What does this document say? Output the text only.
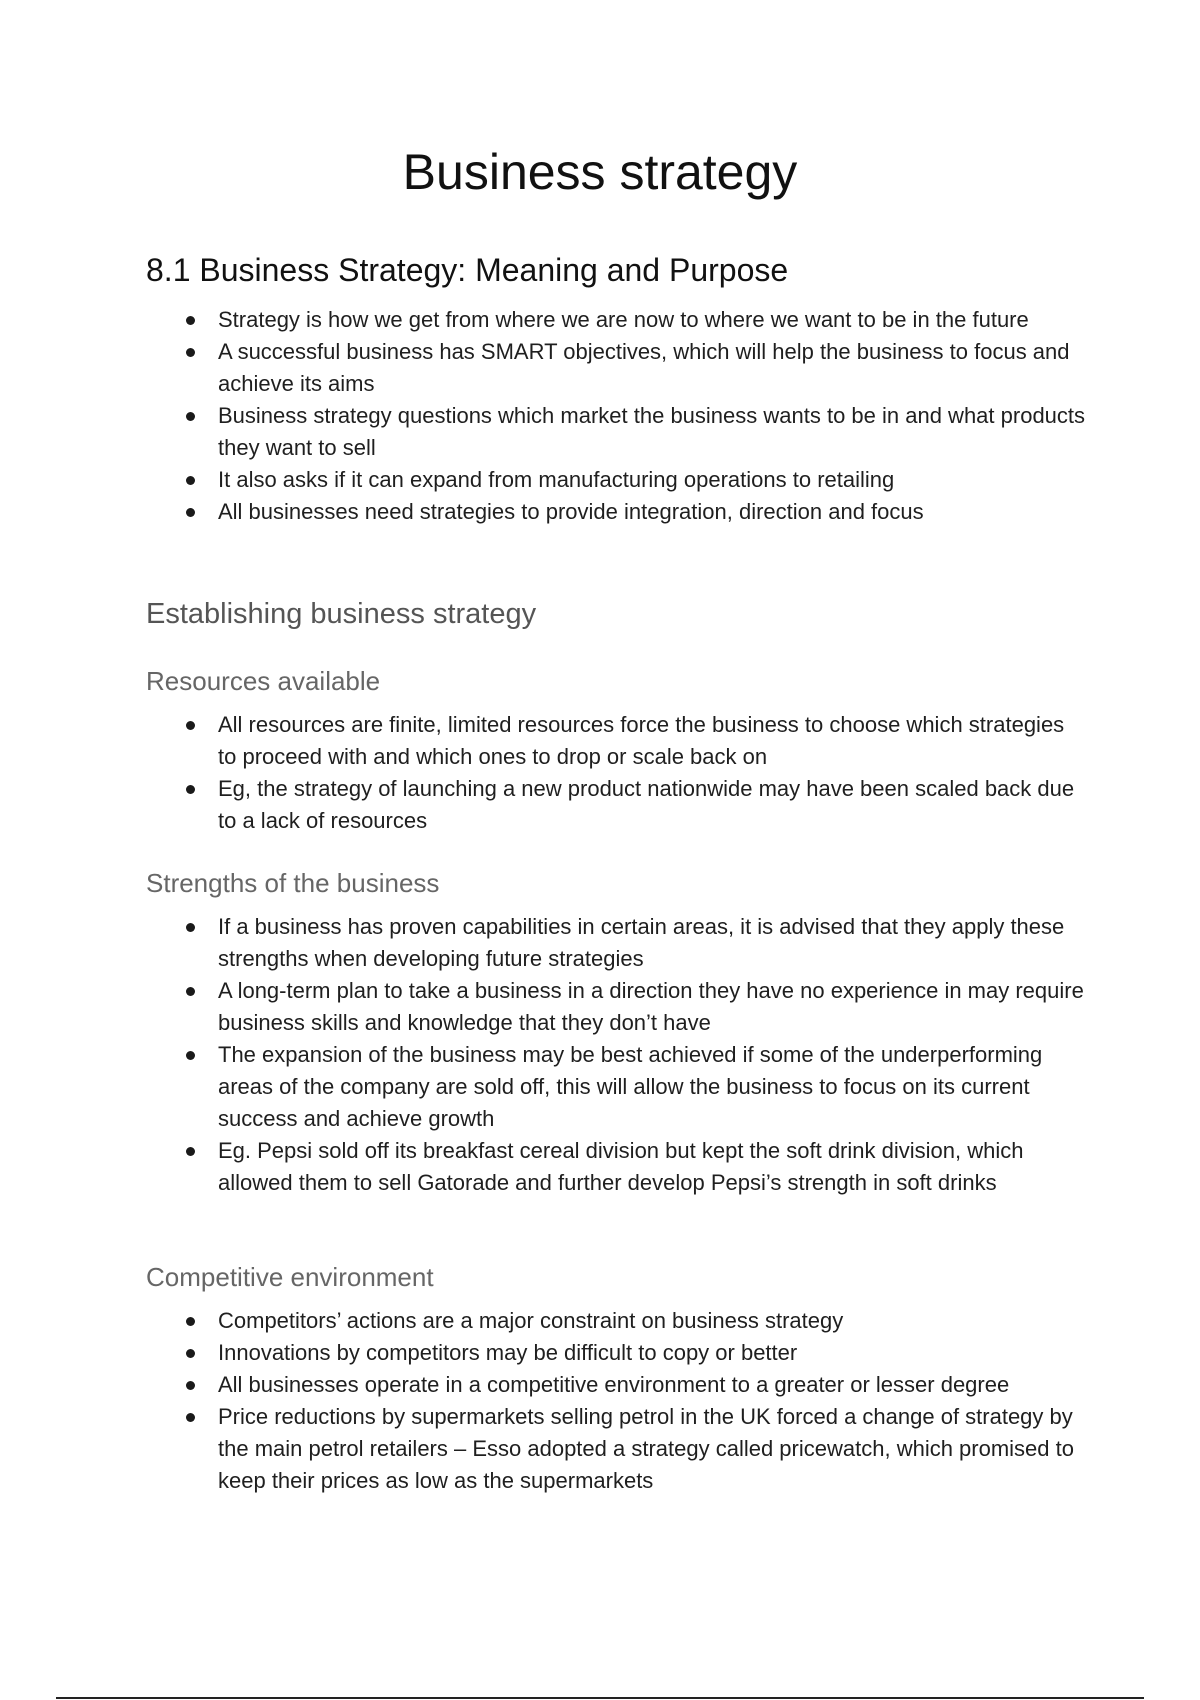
Business strategy
8.1 Business Strategy: Meaning and Purpose
Strategy is how we get from where we are now to where we want to be in the future
A successful business has SMART objectives, which will help the business to focus and achieve its aims
Business strategy questions which market the business wants to be in and what products they want to sell
It also asks if it can expand from manufacturing operations to retailing
All businesses need strategies to provide integration, direction and focus
Establishing business strategy
Resources available
All resources are finite, limited resources force the business to choose which strategies to proceed with and which ones to drop or scale back on
Eg, the strategy of launching a new product nationwide may have been scaled back due to a lack of resources
Strengths of the business
If a business has proven capabilities in certain areas, it is advised that they apply these strengths when developing future strategies
A long-term plan to take a business in a direction they have no experience in may require business skills and knowledge that they don’t have
The expansion of the business may be best achieved if some of the underperforming areas of the company are sold off, this will allow the business to focus on its current success and achieve growth
Eg. Pepsi sold off its breakfast cereal division but kept the soft drink division, which allowed them to sell Gatorade and further develop Pepsi’s strength in soft drinks
Competitive environment
Competitors’ actions are a major constraint on business strategy
Innovations by competitors may be difficult to copy or better
All businesses operate in a competitive environment to a greater or lesser degree
Price reductions by supermarkets selling petrol in the UK forced a change of strategy by the main petrol retailers – Esso adopted a strategy called pricewatch, which promised to keep their prices as low as the supermarkets
